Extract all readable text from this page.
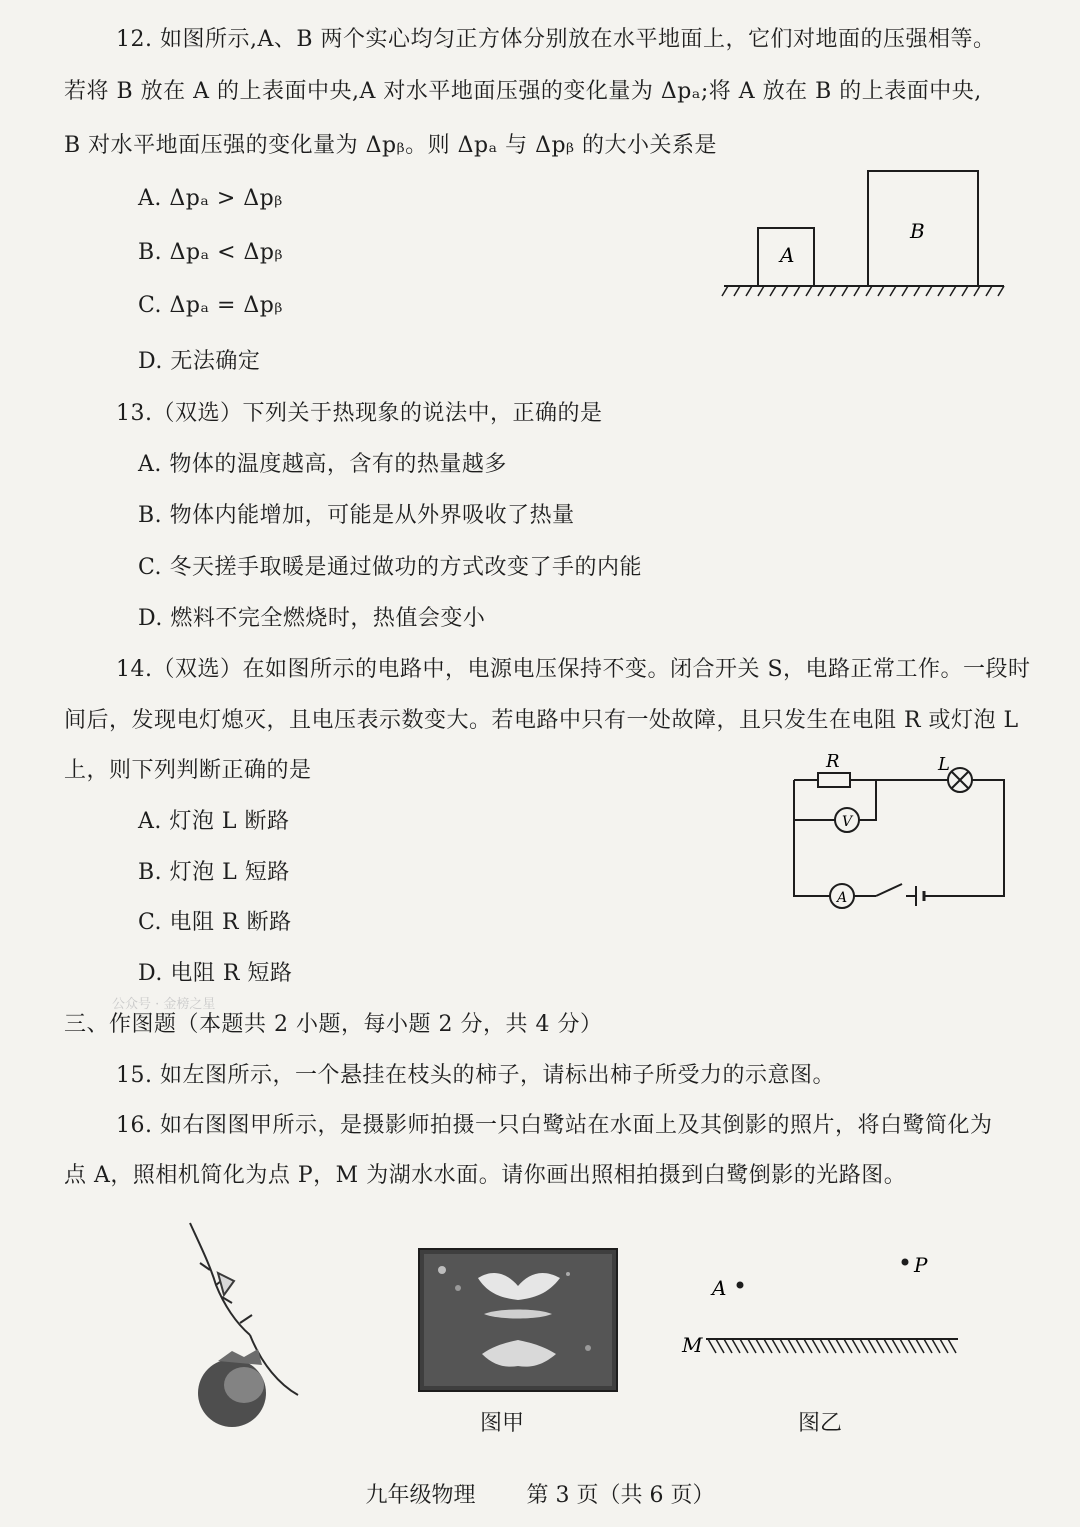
12. 如图所示,A、B 两个实心均匀正方体分别放在水平地面上，它们对地面的压强相等。
若将 B 放在 A 的上表面中央,A 对水平地面压强的变化量为 Δpₐ;将 A 放在 B 的上表面中央,
B 对水平地面压强的变化量为 Δpᵦ。则 Δpₐ 与 Δpᵦ 的大小关系是
A. Δpₐ > Δpᵦ
B. Δpₐ < Δpᵦ
C. Δpₐ = Δpᵦ
D. 无法确定
A
B
13.（双选）下列关于热现象的说法中，正确的是
A. 物体的温度越高，含有的热量越多
B. 物体内能增加，可能是从外界吸收了热量
C. 冬天搓手取暖是通过做功的方式改变了手的内能
D. 燃料不完全燃烧时，热值会变小
14.（双选）在如图所示的电路中，电源电压保持不变。闭合开关 S，电路正常工作。一段时
间后，发现电灯熄灭，且电压表示数变大。若电路中只有一处故障，且只发生在电阻 R 或灯泡 L
上，则下列判断正确的是
A. 灯泡 L 断路
B. 灯泡 L 短路
C. 电阻 R 断路
D. 电阻 R 短路
R	L
V
A
公众号 · 金榜之星
三、作图题（本题共 2 小题，每小题 2 分，共 4 分）
15. 如左图所示，一个悬挂在枝头的柿子，请标出柿子所受力的示意图。
16. 如右图图甲所示，是摄影师拍摄一只白鹭站在水面上及其倒影的照片，将白鹭简化为
点 A，照相机简化为点 P，M 为湖水水面。请你画出照相拍摄到白鹭倒影的光路图。
图甲
A
P
M
图乙
九年级物理 第 3 页（共 6 页）
